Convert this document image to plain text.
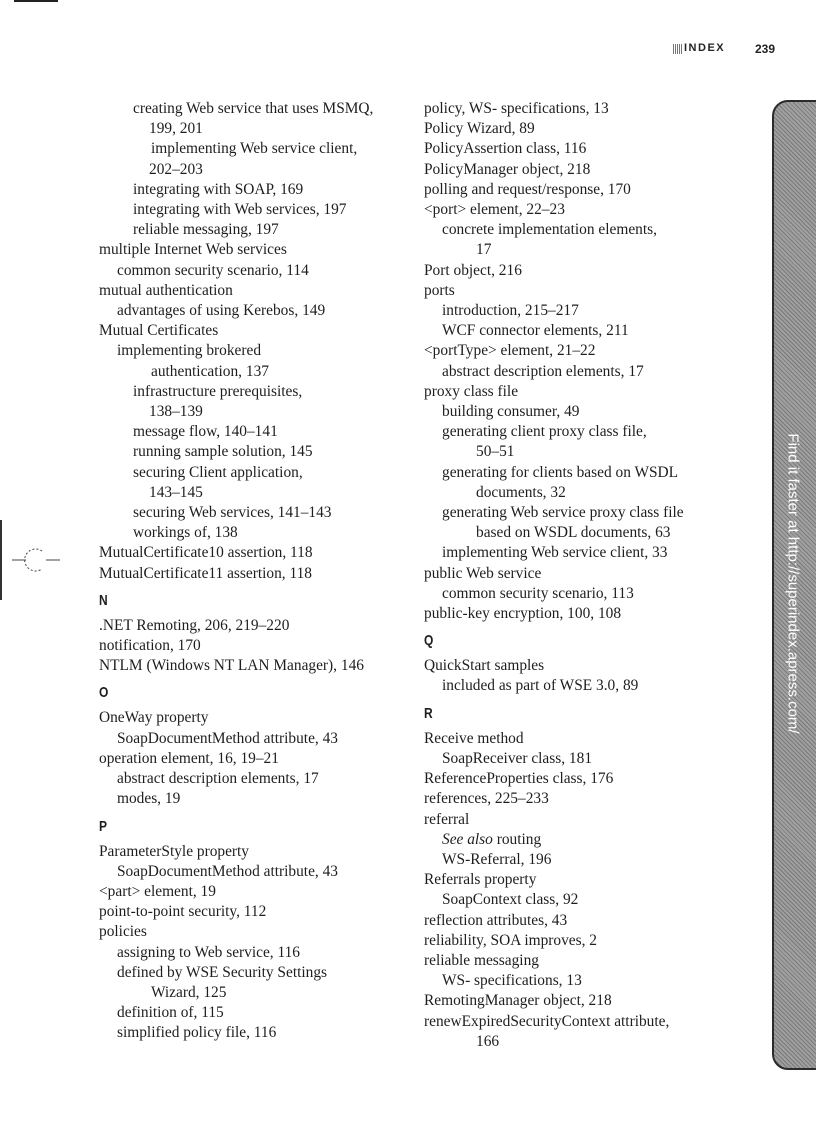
INDEX 239
creating Web service that uses MSMQ,
199, 201
implementing Web service client,
202–203
integrating with SOAP, 169
integrating with Web services, 197
reliable messaging, 197
multiple Internet Web services
common security scenario, 114
mutual authentication
advantages of using Kerebos, 149
Mutual Certificates
implementing brokered
authentication, 137
infrastructure prerequisites,
138–139
message flow, 140–141
running sample solution, 145
securing Client application,
143–145
securing Web services, 141–143
workings of, 138
MutualCertificate10 assertion, 118
MutualCertificate11 assertion, 118
N
.NET Remoting, 206, 219–220
notification, 170
NTLM (Windows NT LAN Manager), 146
O
OneWay property
SoapDocumentMethod attribute, 43
operation element, 16, 19–21
abstract description elements, 17
modes, 19
P
ParameterStyle property
SoapDocumentMethod attribute, 43
<part> element, 19
point-to-point security, 112
policies
assigning to Web service, 116
defined by WSE Security Settings
Wizard, 125
definition of, 115
simplified policy file, 116
policy, WS- specifications, 13
Policy Wizard, 89
PolicyAssertion class, 116
PolicyManager object, 218
polling and request/response, 170
<port> element, 22–23
concrete implementation elements,
17
Port object, 216
ports
introduction, 215–217
WCF connector elements, 211
<portType> element, 21–22
abstract description elements, 17
proxy class file
building consumer, 49
generating client proxy class file,
50–51
generating for clients based on WSDL
documents, 32
generating Web service proxy class file
based on WSDL documents, 63
implementing Web service client, 33
public Web service
common security scenario, 113
public-key encryption, 100, 108
Q
QuickStart samples
included as part of WSE 3.0, 89
R
Receive method
SoapReceiver class, 181
ReferenceProperties class, 176
references, 225–233
referral
See also routing
WS-Referral, 196
Referrals property
SoapContext class, 92
reflection attributes, 43
reliability, SOA improves, 2
reliable messaging
WS- specifications, 13
RemotingManager object, 218
renewExpiredSecurityContext attribute,
166
Find it faster at http://superindex.apress.com/
